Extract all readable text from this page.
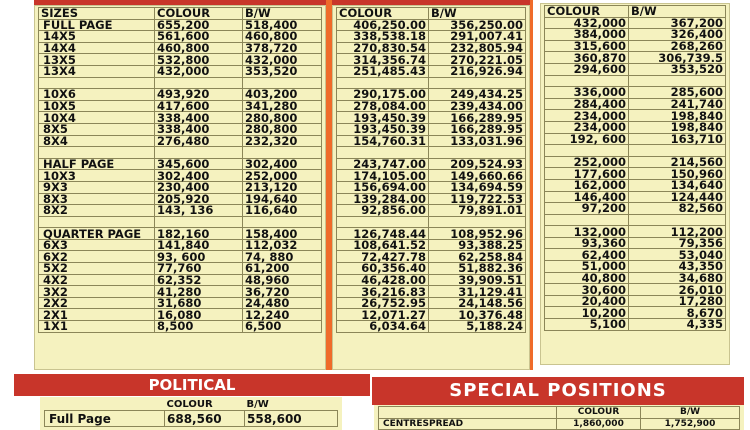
SIZES	COLOUR	B/W
FULL PAGE	655,200	518,400
14X5	561,600	460,800
14X4	460,800	378,720
13X5	532,800	432,000
13X4	432,000	353,520

10X6	493,920	403,200
10X5	417,600	341,280
10X4	338,400	280,800
8X5	338,400	280,800
8X4	276,480	232,320

HALF PAGE	345,600	302,400
10X3	302,400	252,000
9X3	230,400	213,120
8X3	205,920	194,640
8X2	143, 136	116,640

QUARTER PAGE	182,160	158,400
6X3	141,840	112,032
6X2	93, 600	74, 880
5X2	77,760	61,200
4X2	62,352	48,960
3X2	41,280	36,720
2X2	31,680	24,480
2X1	16,080	12,240
1X1	8,500	6,500
COLOUR	B/W
406,250.00	356,250.00
338,538.18	291,007.41
270,830.54	232,805.94
314,356.74	270,221.05
251,485.43	216,926.94

290,175.00	249,434.25
278,084.00	239,434.00
193,450.39	166,289.95
193,450.39	166,289.95
154,760.31	133,031.96

243,747.00	209,524.93
174,105.00	149,660.66
156,694.00	134,694.59
139,284.00	119,722.53
92,856.00	79,891.01

126,748.44	108,952.96
108,641.52	93,388.25
72,427.78	62,258.84
60,356.40	51,882.36
46,428.00	39,909.51
36,216.83	31,129.41
26,752.95	24,148.56
12,071.27	10,376.48
6,034.64	5,188.24
COLOUR	B/W
432,000	367,200
384,000	326,400
315,600	268,260
360,870	306,739.5
294,600	353,520

336,000	285,600
284,400	241,740
234,000	198,840
234,000	198,840
192, 600	163,710

252,000	214,560
177,600	150,960
162,000	134,640
146,400	124,440
97,200	82,560

132,000	112,200
93,360	79,356
62,400	53,040
51,000	43,350
40,800	34,680
30,600	26,010
20,400	17,280
10,200	8,670
5,100	4,335
POLITICAL
	COLOUR	B/W
Full Page	688,560	558,600
SPECIAL POSITIONS
	COLOUR	B/W
CENTRESPREAD	1,860,000	1,752,900
